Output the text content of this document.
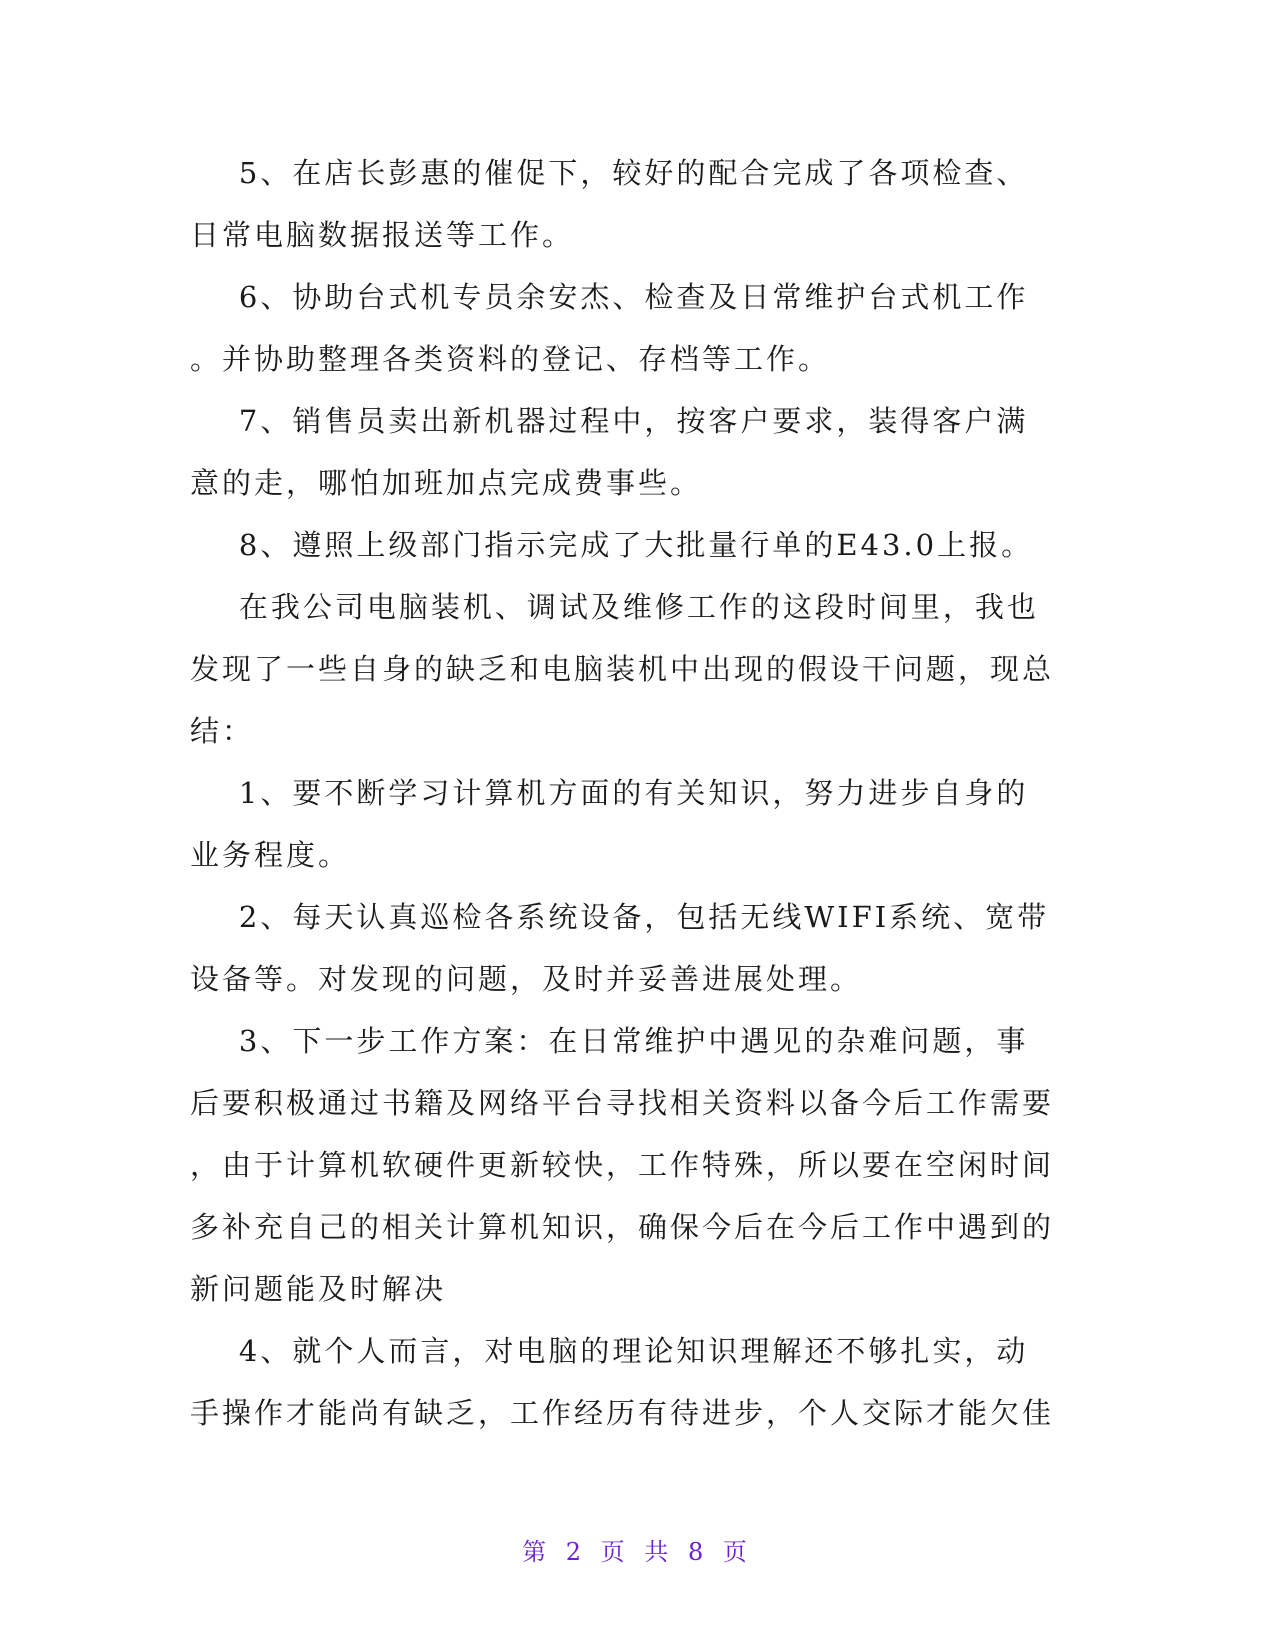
5、在店长彭惠的催促下，较好的配合完成了各项检查、
日常电脑数据报送等工作。
6、协助台式机专员余安杰、检查及日常维护台式机工作
。并协助整理各类资料的登记、存档等工作。
7、销售员卖出新机器过程中，按客户要求，装得客户满
意的走，哪怕加班加点完成费事些。
8、遵照上级部门指示完成了大批量行单的E43.0上报。
在我公司电脑装机、调试及维修工作的这段时间里，我也
发现了一些自身的缺乏和电脑装机中出现的假设干问题，现总
结：
1、要不断学习计算机方面的有关知识，努力进步自身的
业务程度。
2、每天认真巡检各系统设备，包括无线WIFI系统、宽带
设备等。对发现的问题，及时并妥善进展处理。
3、下一步工作方案：在日常维护中遇见的杂难问题，事
后要积极通过书籍及网络平台寻找相关资料以备今后工作需要
，由于计算机软硬件更新较快，工作特殊，所以要在空闲时间
多补充自己的相关计算机知识，确保今后在今后工作中遇到的
新问题能及时解决
4、就个人而言，对电脑的理论知识理解还不够扎实，动
手操作才能尚有缺乏，工作经历有待进步，个人交际才能欠佳
第 2 页 共 8 页
